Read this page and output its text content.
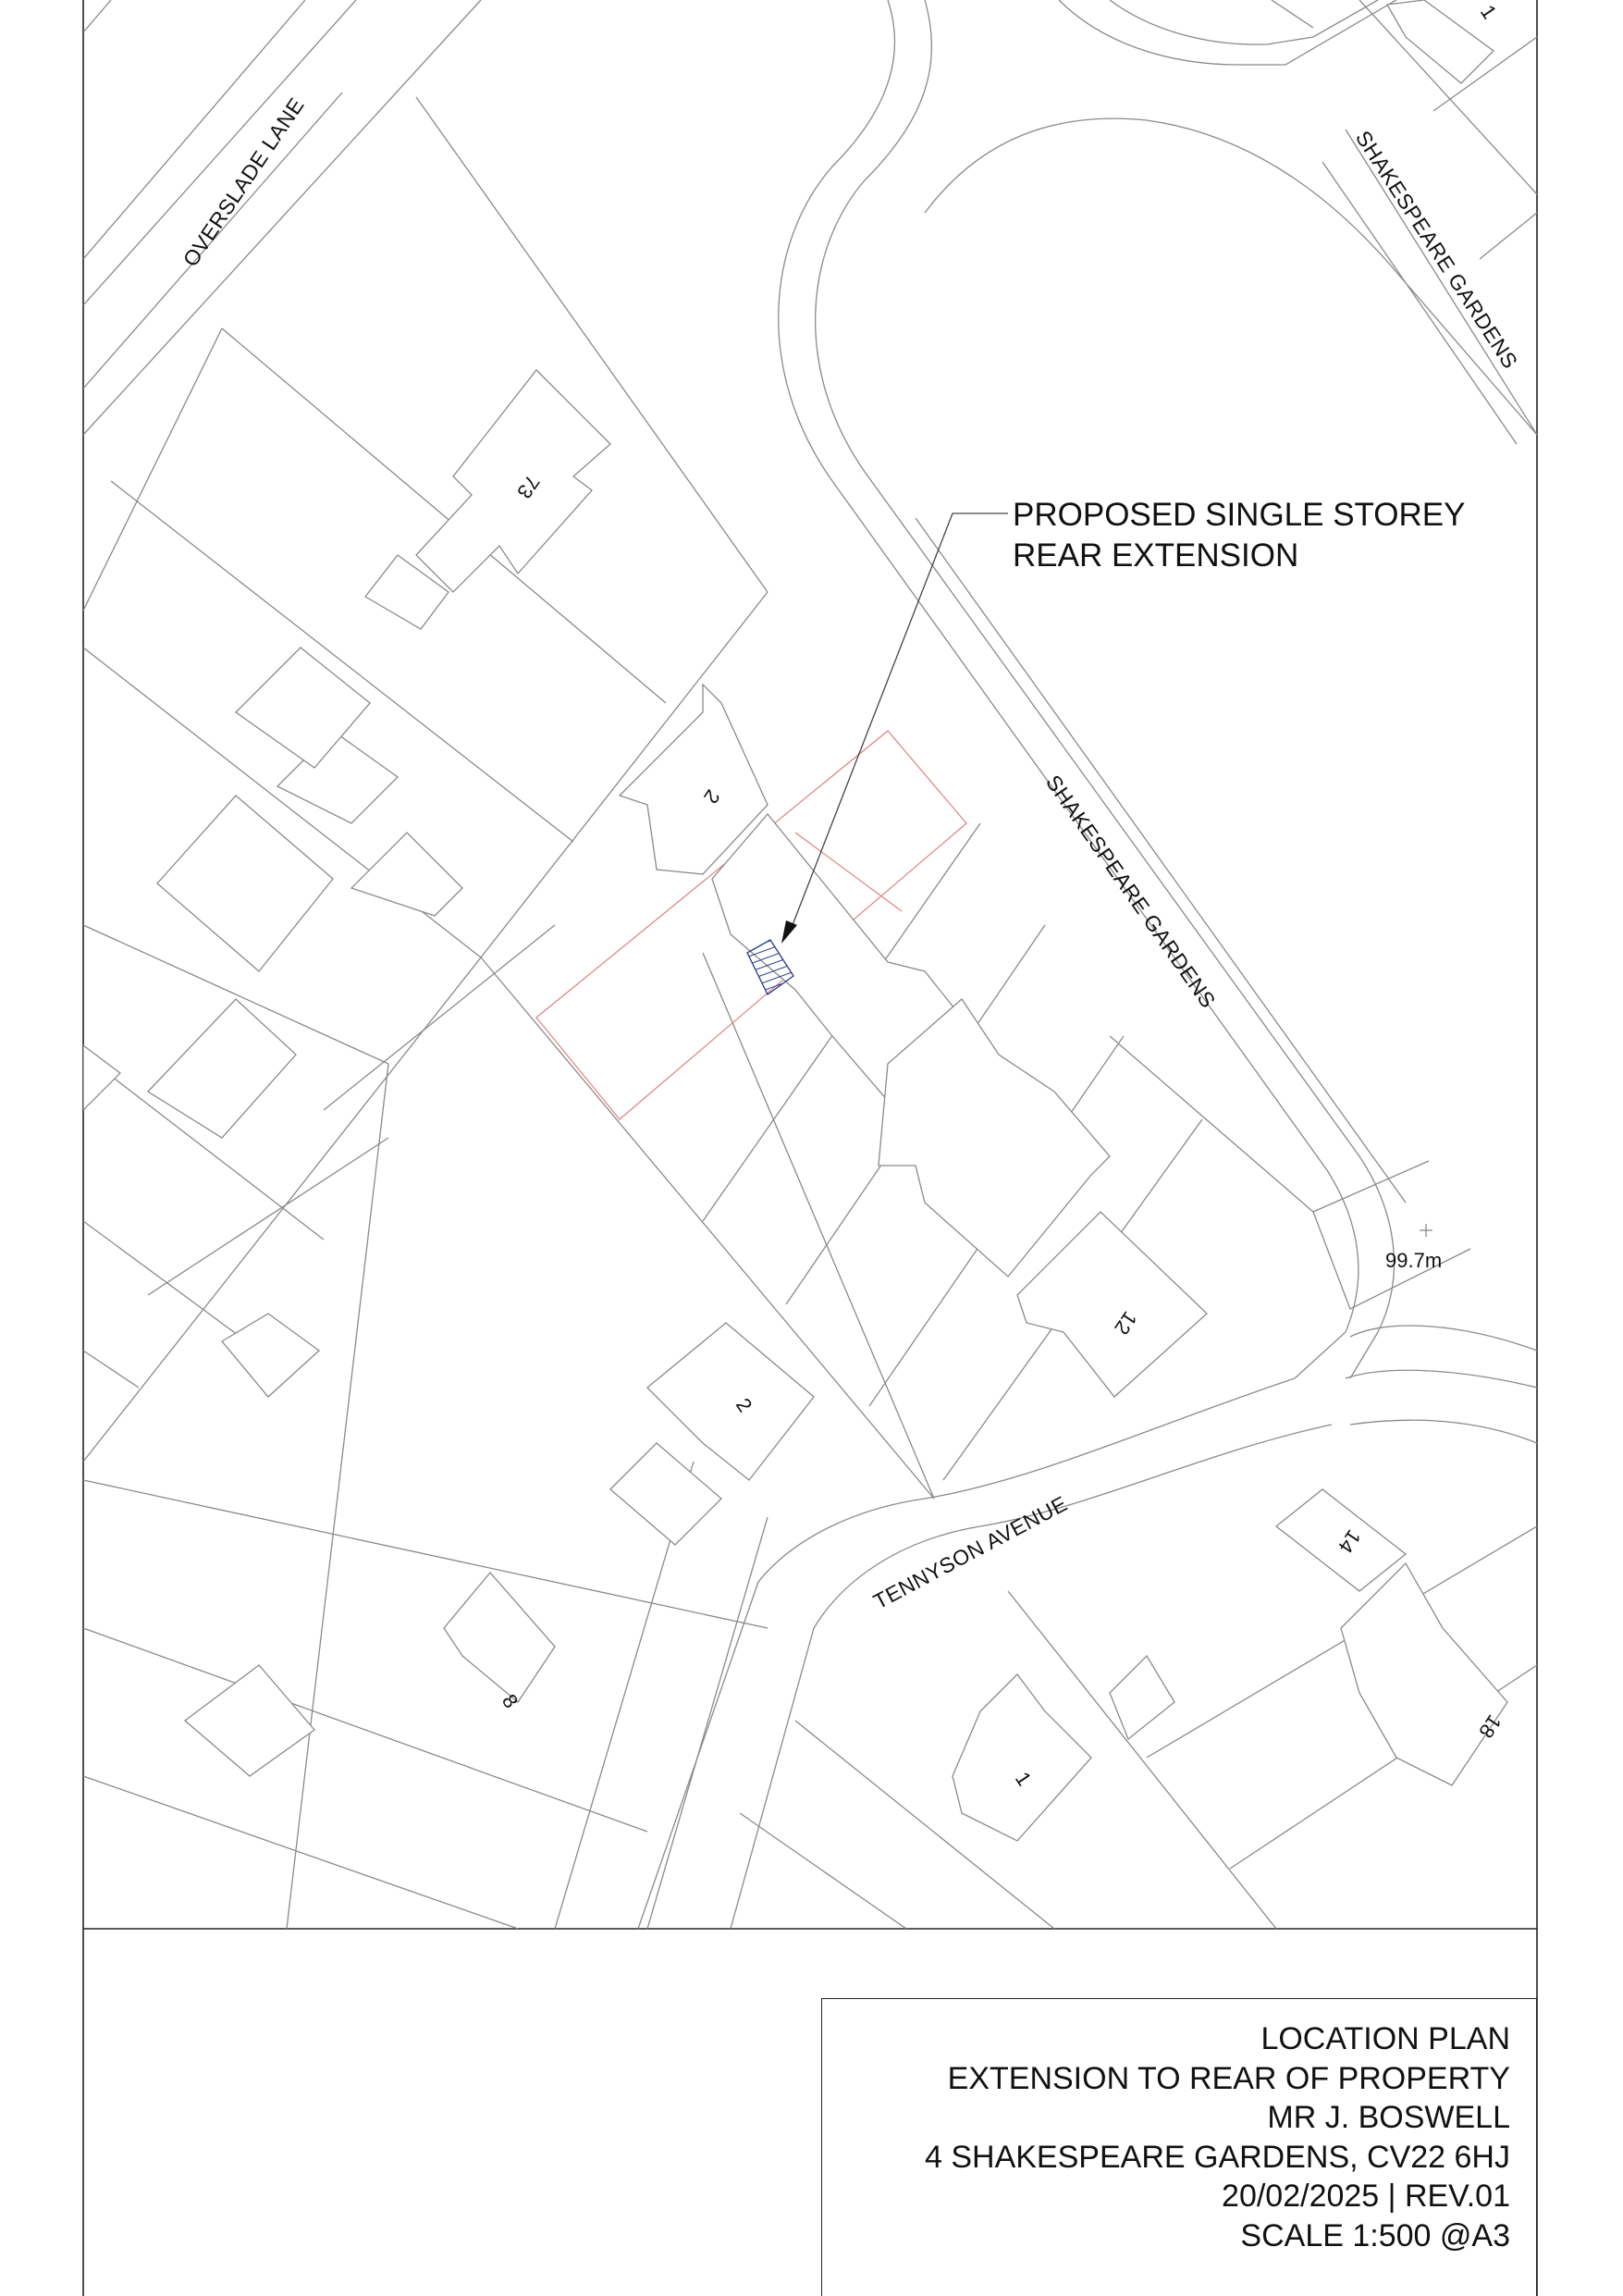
OVERSLADE LANE	SHAKESPEARE GARDENS
SHAKESPEARE GARDENS
TENNYSON AVENUE
73
2
2
12
14
18
8
1
1
99.7m
PROPOSED SINGLE STOREY
REAR EXTENSION
LOCATION PLAN
EXTENSION TO REAR OF PROPERTY
MR J. BOSWELL
4 SHAKESPEARE GARDENS, CV22 6HJ
20/02/2025 | REV.01
SCALE 1:500 @A3
